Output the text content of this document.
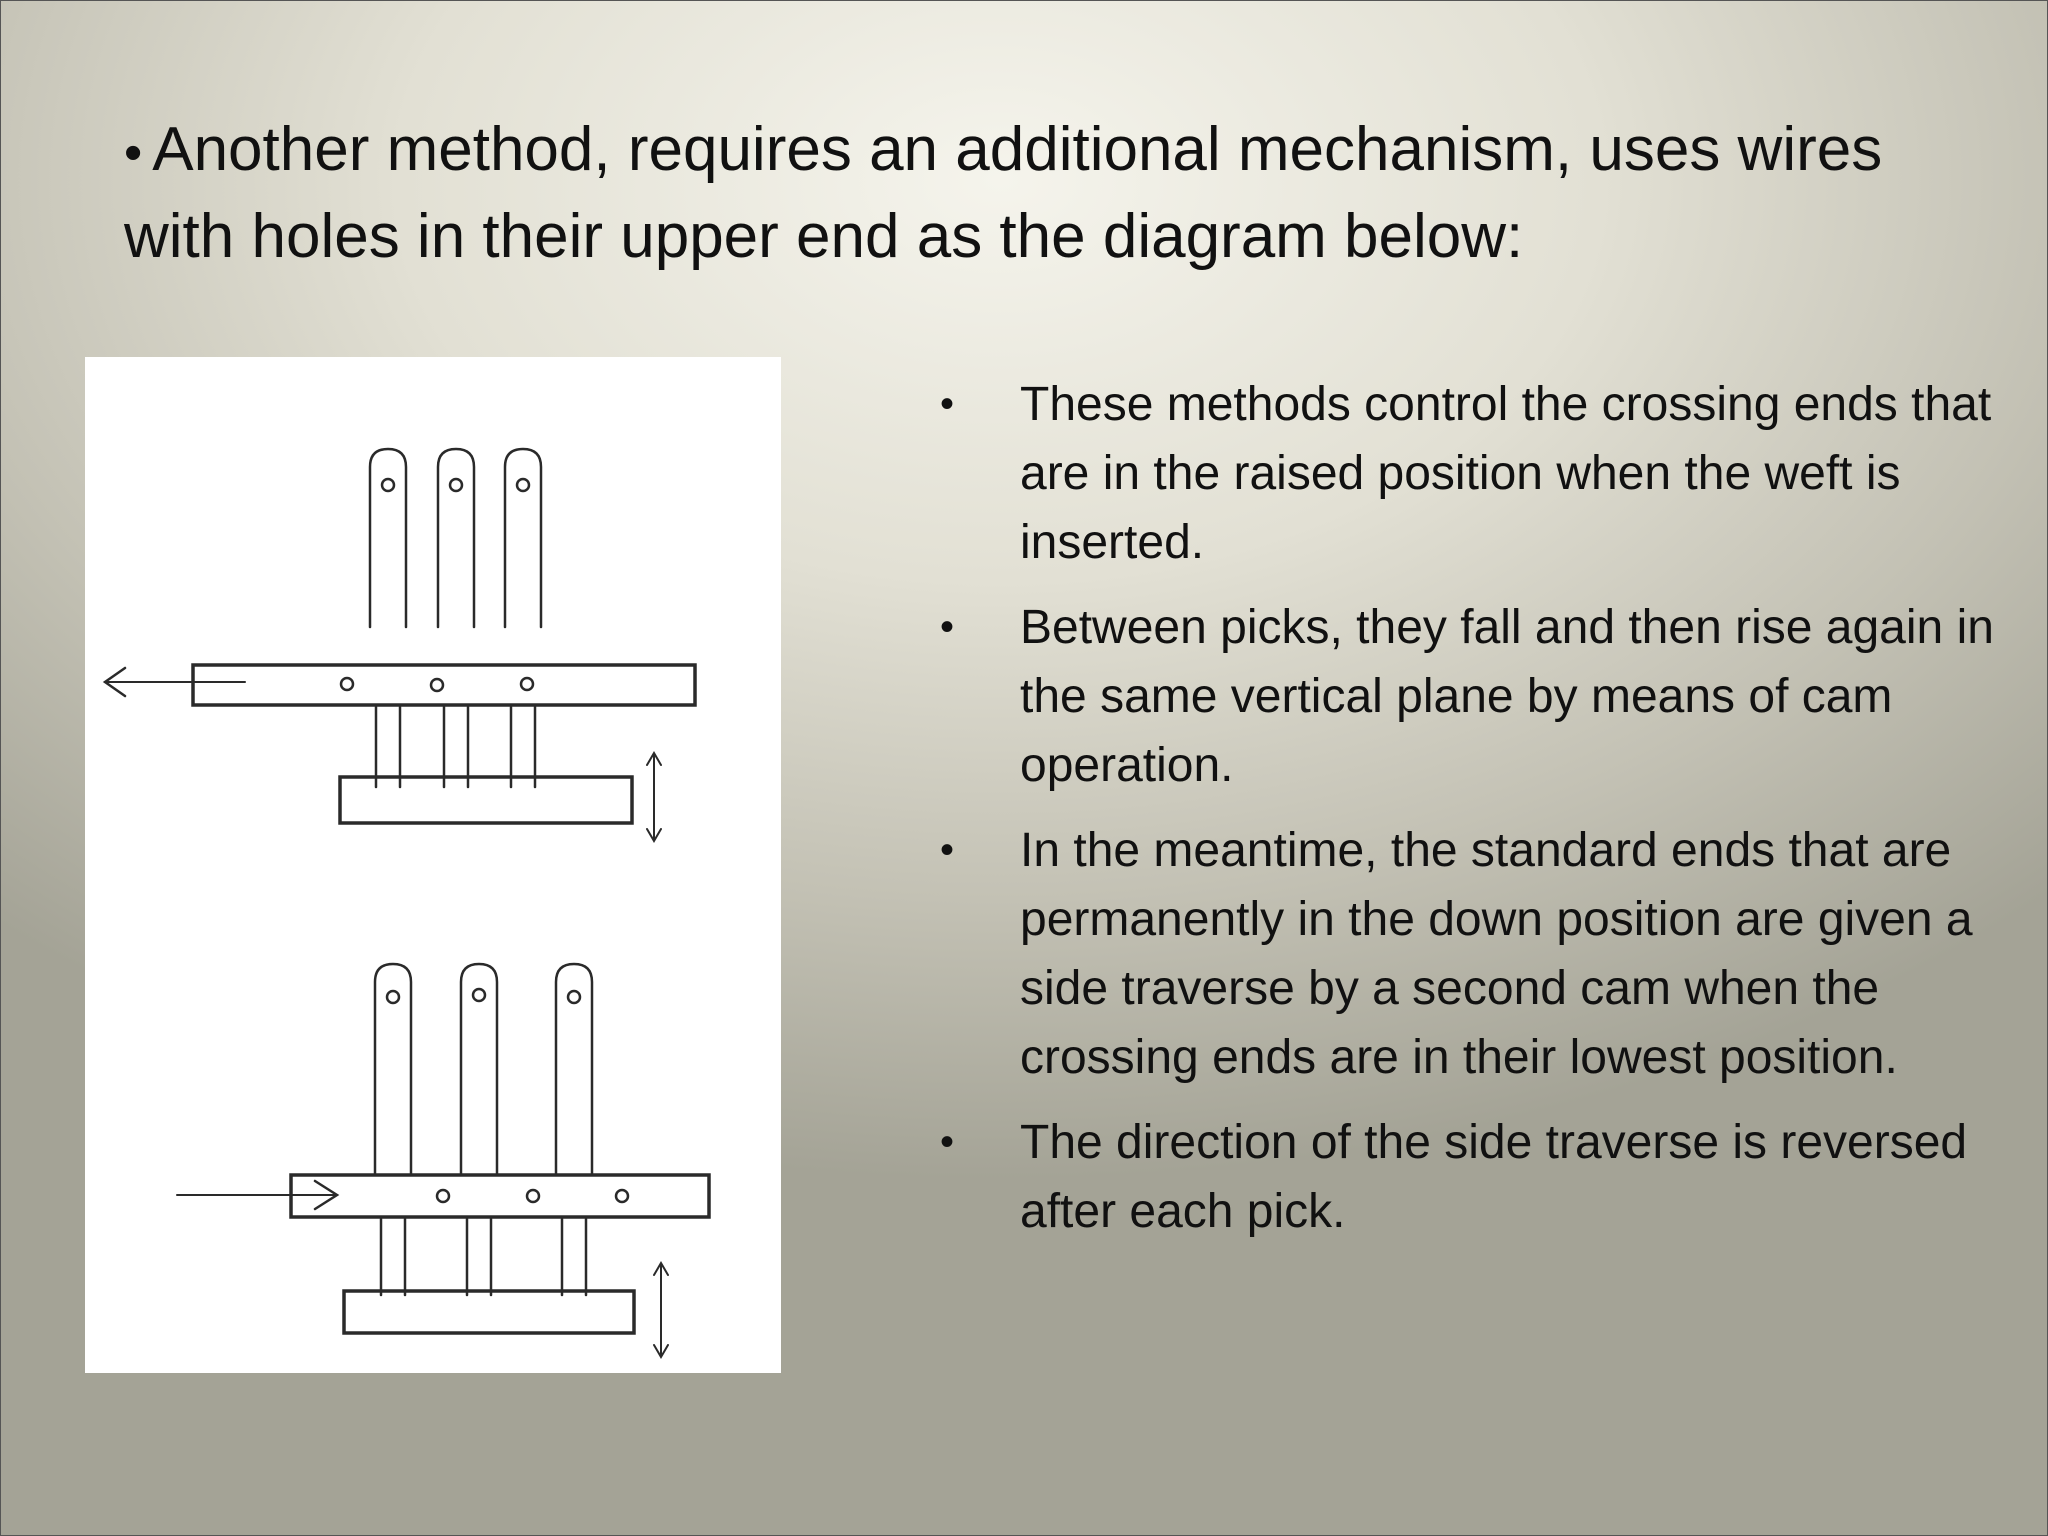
• Another method, requires an additional mechanism, uses wires with holes in their upper end as the diagram below:
• These methods control the crossing ends that are in the raised position when the weft is inserted.
• Between picks, they fall and then rise again in the same vertical plane by means of cam operation.
• In the meantime, the standard ends that are permanently in the down position are given a side traverse by a second cam when the crossing ends are in their lowest position.
• The direction of the side traverse is reversed after each pick.
